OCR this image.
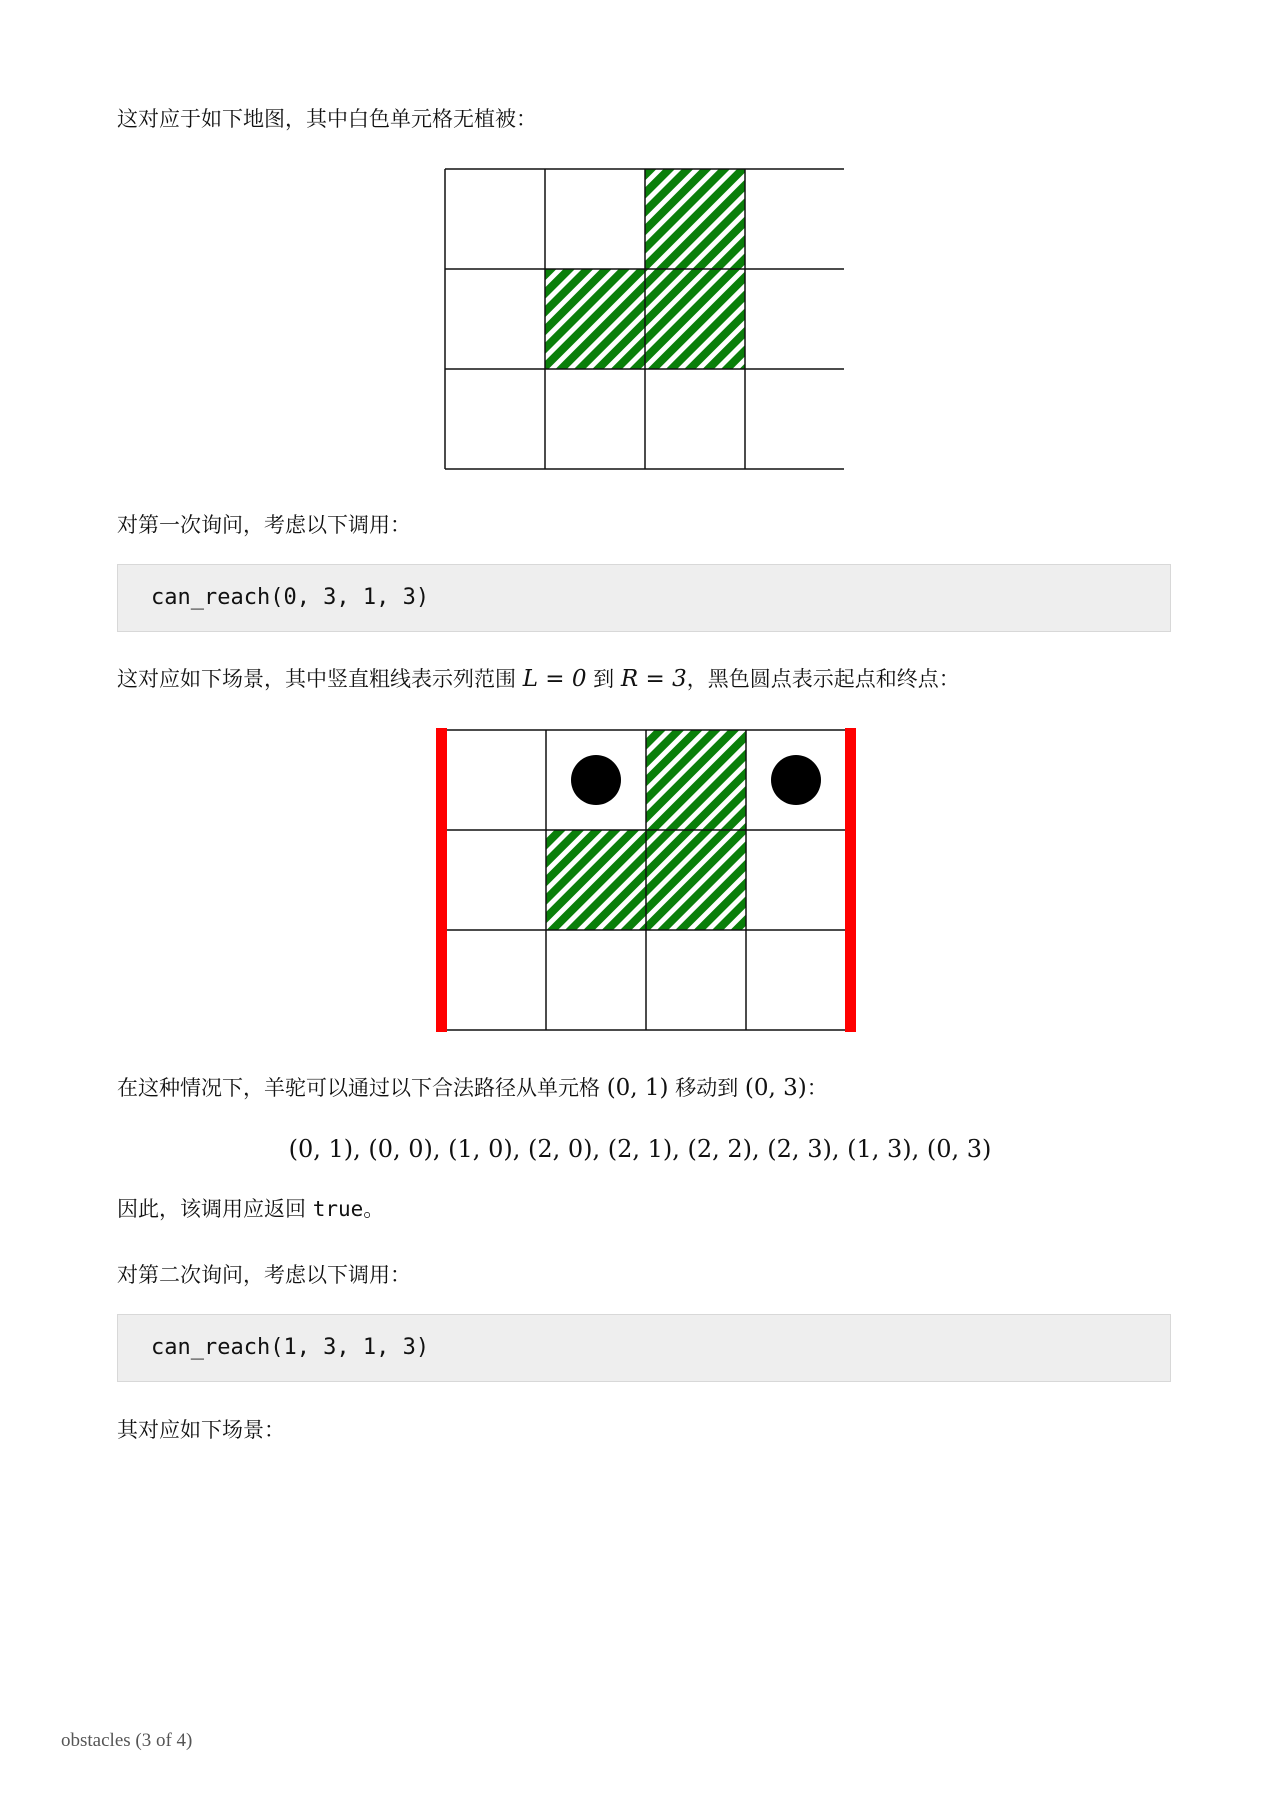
这对应于如下地图，其中白色单元格无植被：
对第一次询问，考虑以下调用：
can_reach(0, 3, 1, 3)
这对应如下场景，其中竖直粗线表示列范围 L = 0 到 R = 3，黑色圆点表示起点和终点：
在这种情况下，羊驼可以通过以下合法路径从单元格 (0, 1) 移动到 (0, 3)：
(0, 1), (0, 0), (1, 0), (2, 0), (2, 1), (2, 2), (2, 3), (1, 3), (0, 3)
因此，该调用应返回 true。
对第二次询问，考虑以下调用：
can_reach(1, 3, 1, 3)
其对应如下场景：
obstacles (3 of 4)
